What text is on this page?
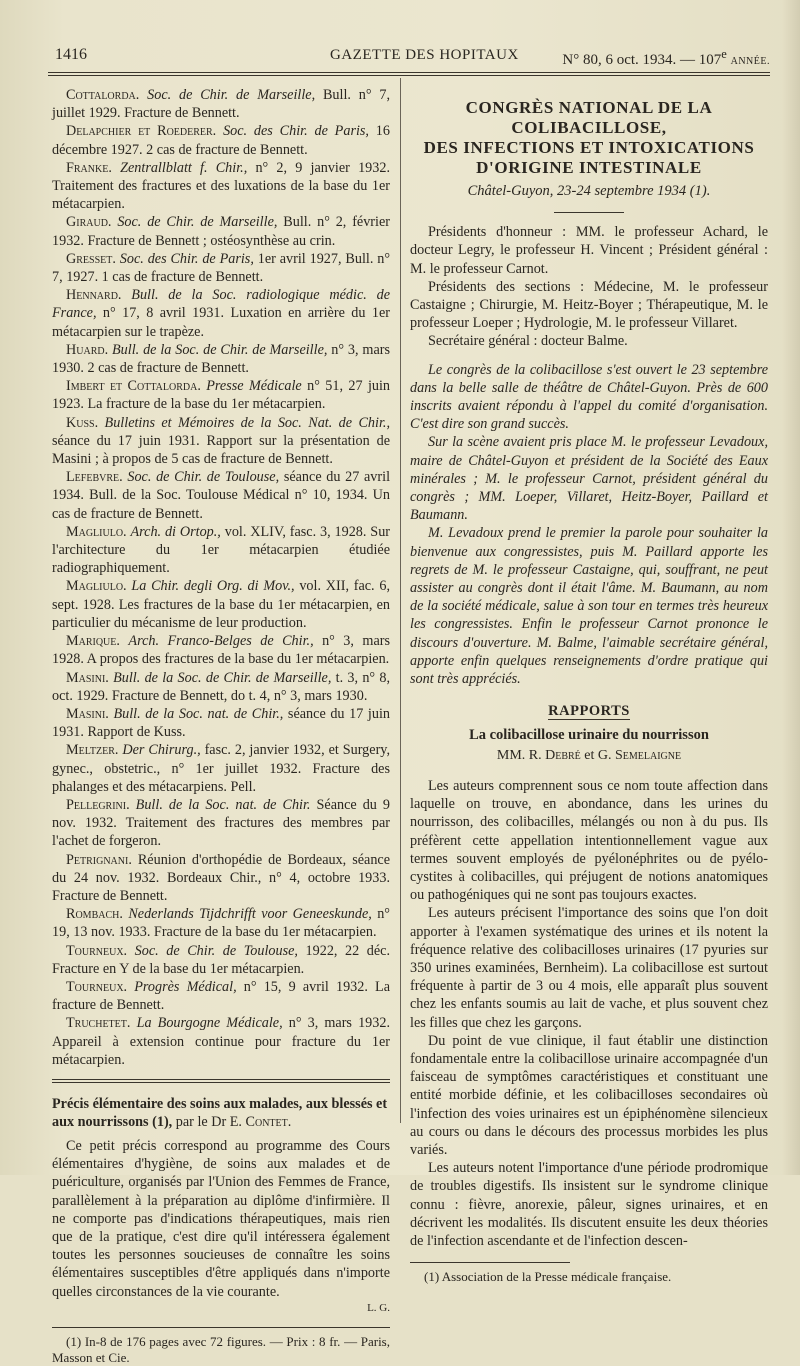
1416	GAZETTE DES HOPITAUX	N° 80, 6 oct. 1934. — 107e ANNÉE.

Cottalorda. Soc. de Chir. de Marseille, Bull. n° 7, juillet 1929. Fracture de Bennett.

Delapchier et Roederer. Soc. des Chir. de Paris, 16 décembre 1927. 2 cas de fracture de Bennett.

Franke. Zentrallblatt f. Chir., n° 2, 9 janvier 1932. Traitement des fractures et des luxations de la base du 1er métacarpien.

Giraud. Soc. de Chir. de Marseille, Bull. n° 2, février 1932. Fracture de Bennett ; ostéosynthèse au crin.

Gresset. Soc. des Chir. de Paris, 1er avril 1927, Bull. n° 7, 1927. 1 cas de fracture de Bennett.

Hennard. Bull. de la Soc. radiologique médic. de France, n° 17, 8 avril 1931. Luxation en arrière du 1er métacarpien sur le trapèze.

Huard. Bull. de la Soc. de Chir. de Marseille, n° 3, mars 1930. 2 cas de fracture de Bennett.

Imbert et Cottalorda. Presse Médicale n° 51, 27 juin 1923. La fracture de la base du 1er métacarpien.

Kuss. Bulletins et Mémoires de la Soc. Nat. de Chir., séance du 17 juin 1931. Rapport sur la présentation de Masini ; à propos de 5 cas de fracture de Bennett.

Lefebvre. Soc. de Chir. de Toulouse, séance du 27 avril 1934. Bull. de la Soc. Toulouse Médical n° 10, 1934. Un cas de fracture de Bennett.

Magliulo. Arch. di Ortop., vol. XLIV, fasc. 3, 1928. Sur l'architecture du 1er métacarpien étudiée radiographiquement.

Magliulo. La Chir. degli Org. di Mov., vol. XII, fac. 6, sept. 1928. Les fractures de la base du 1er métacarpien, en particulier du mécanisme de leur production.

Marique. Arch. Franco-Belges de Chir., n° 3, mars 1928. A propos des fractures de la base du 1er métacarpien.

Masini. Bull. de la Soc. de Chir. de Marseille, t. 3, n° 8, oct. 1929. Fracture de Bennett, do t. 4, n° 3, mars 1930.

Masini. Bull. de la Soc. nat. de Chir., séance du 17 juin 1931. Rapport de Kuss.

Meltzer. Der Chirurg., fasc. 2, janvier 1932, et Surgery, gynec., obstetric., n° 1er juillet 1932. Fracture des phalanges et des métacarpiens. Pell.

Pellegrini. Bull. de la Soc. nat. de Chir. Séance du 9 nov. 1932. Traitement des fractures des membres par l'achet de forgeron.

Petrignani. Réunion d'orthopédie de Bordeaux, séance du 24 nov. 1932. Bordeaux Chir., n° 4, octobre 1933. Fracture de Bennett.

Rombach. Nederlands Tijdchrifft voor Geneeskunde, n° 19, 13 nov. 1933. Fracture de la base du 1er métacarpien.

Tourneux. Soc. de Chir. de Toulouse, 1922, 22 déc. Fracture en Y de la base du 1er métacarpien.

Tourneux. Progrès Médical, n° 15, 9 avril 1932. La fracture de Bennett.

Truchetet. La Bourgogne Médicale, n° 3, mars 1932. Appareil à extension continue pour fracture du 1er métacarpien.

Précis élémentaire des soins aux malades, aux blessés et aux nourrissons (1), par le Dr E. Contet.

Ce petit précis correspond au programme des Cours élémentaires d'hygiène, de soins aux malades et de puériculture, organisés par l'Union des Femmes de France, parallèlement à la préparation au diplôme d'infirmière. Il ne comporte pas d'indications thérapeutiques, mais rien que de la pratique, c'est dire qu'il intéressera également toutes les personnes soucieuses de connaître les soins élémentaires susceptibles d'être appliqués dans n'importe quelles circonstances de la vie courante.

L. G.

(1) In-8 de 176 pages avec 72 figures. — Prix : 8 fr. — Paris, Masson et Cie.

CONGRÈS NATIONAL DE LA COLIBACILLOSE,

DES INFECTIONS ET INTOXICATIONS

D'ORIGINE INTESTINALE

Châtel-Guyon, 23-24 septembre 1934 (1).

Présidents d'honneur : MM. le professeur Achard, le docteur Legry, le professeur H. Vincent ; Président général : M. le professeur Carnot.

Présidents des sections : Médecine, M. le professeur Castaigne ; Chirurgie, M. Heitz-Boyer ; Thérapeutique, M. le professeur Loeper ; Hydrologie, M. le professeur Villaret.

Secrétaire général : docteur Balme.

Le congrès de la colibacillose s'est ouvert le 23 septembre dans la belle salle de théâtre de Châtel-Guyon. Près de 600 inscrits avaient répondu à l'appel du comité d'organisation. C'est dire son grand succès.

Sur la scène avaient pris place M. le professeur Levadoux, maire de Châtel-Guyon et président de la Société des Eaux minérales ; M. le professeur Carnot, président général du congrès ; MM. Loeper, Villaret, Heitz-Boyer, Paillard et Baumann.

M. Levadoux prend le premier la parole pour souhaiter la bienvenue aux congressistes, puis M. Paillard apporte les regrets de M. le professeur Castaigne, qui, souffrant, ne peut assister au congrès dont il était l'âme. M. Baumann, au nom de la société médicale, salue à son tour en termes très heureux les congressistes. Enfin le professeur Carnot prononce le discours d'ouverture. M. Balme, l'aimable secrétaire général, apporte enfin quelques renseignements d'ordre pratique qui sont très appréciés.

RAPPORTS

La colibacillose urinaire du nourrisson

MM. R. Debré et G. Semelaigne

Les auteurs comprennent sous ce nom toute affection dans laquelle on trouve, en abondance, dans les urines du nourrisson, des colibacilles, mélangés ou non à du pus. Ils préfèrent cette appellation intentionnellement vague aux termes souvent employés de pyélonéphrites ou de pyélo-cystites à colibacilles, qui préjugent de notions anatomiques ou pathogéniques qui ne sont pas toujours exactes.

Les auteurs précisent l'importance des soins que l'on doit apporter à l'examen systématique des urines et ils notent la fréquence relative des colibacilloses urinaires (17 pyuries sur 350 urines examinées, Bernheim). La colibacillose est surtout fréquente à partir de 3 ou 4 mois, elle apparaît plus souvent chez les enfants soumis au lait de vache, et plus souvent chez les filles que chez les garçons.

Du point de vue clinique, il faut établir une distinction fondamentale entre la colibacillose urinaire accompagnée d'un faisceau de symptômes caractéristiques et constituant une entité morbide définie, et les colibacilloses secondaires où l'infection des voies urinaires est un épiphénomène silencieux au cours ou dans le décours des processus morbides les plus variés.

Les auteurs notent l'importance d'une période prodromique de troubles digestifs. Ils insistent sur le syndrome clinique connu : fièvre, anorexie, pâleur, signes urinaires, et en décrivent les modalités. Ils discutent ensuite les deux théories de l'infection ascendante et de l'infection descen-

(1) Association de la Presse médicale française.
